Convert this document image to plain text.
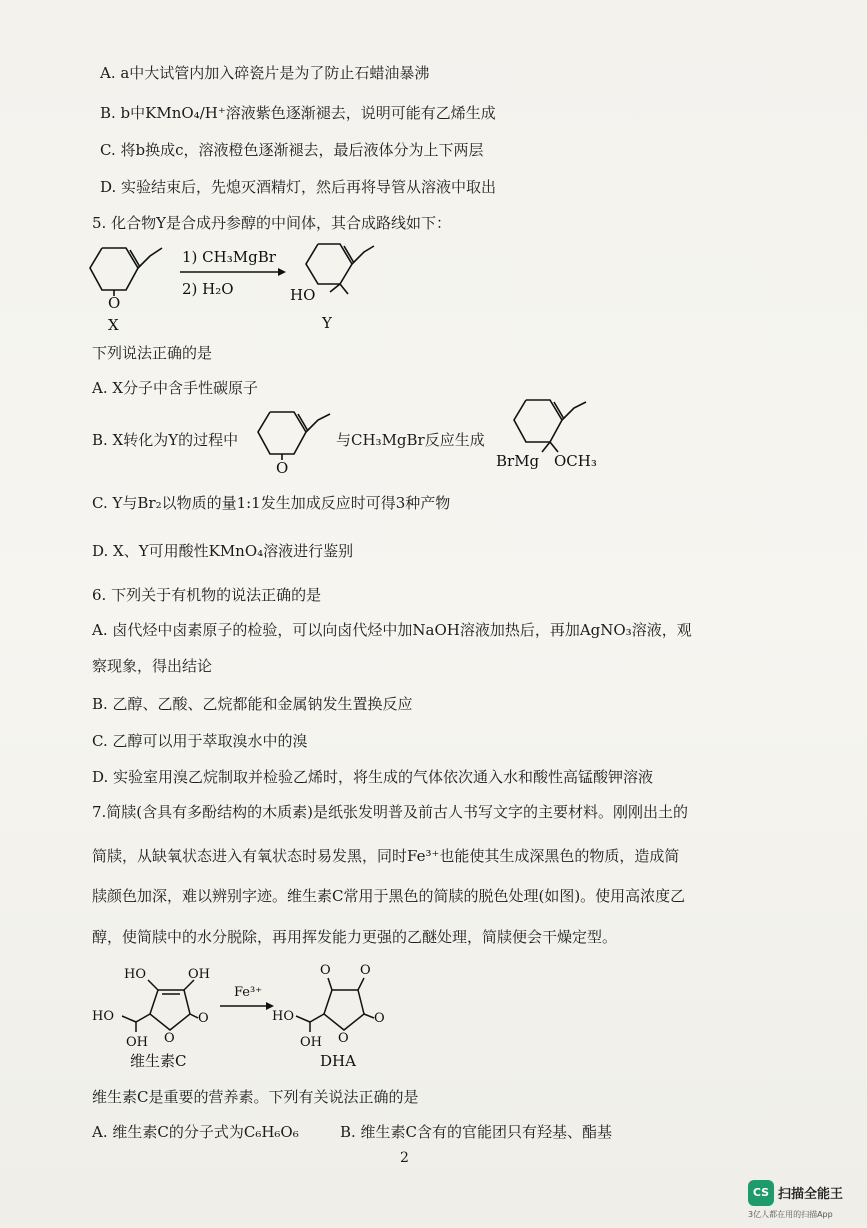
A. a中大试管内加入碎瓷片是为了防止石蜡油暴沸
B. b中KMnO₄/H⁺溶液紫色逐渐褪去，说明可能有乙烯生成
C. 将b换成c，溶液橙色逐渐褪去，最后液体分为上下两层
D. 实验结束后，先熄灭酒精灯，然后再将导管从溶液中取出
5. 化合物Y是合成丹参醇的中间体，其合成路线如下：
O
X
1) CH₃MgBr
2) H₂O	HO
Y
下列说法正确的是
A. X分子中含手性碳原子
B. X转化为Y的过程中
O
与CH₃MgBr反应生成
BrMg OCH₃
C. Y与Br₂以物质的量1:1发生加成反应时可得3种产物
D. X、Y可用酸性KMnO₄溶液进行鉴别
6. 下列关于有机物的说法正确的是
A. 卤代烃中卤素原子的检验，可以向卤代烃中加NaOH溶液加热后，再加AgNO₃溶液，观
察现象，得出结论
B. 乙醇、乙酸、乙烷都能和金属钠发生置换反应
C. 乙醇可以用于萃取溴水中的溴
D. 实验室用溴乙烷制取并检验乙烯时，将生成的气体依次通入水和酸性高锰酸钾溶液
7.简牍(含具有多酚结构的木质素)是纸张发明普及前古人书写文字的主要材料。刚刚出土的
简牍，从缺氧状态进入有氧状态时易发黑，同时Fe³⁺也能使其生成深黑色的物质，造成简
牍颜色加深，难以辨别字迹。维生素C常用于黑色的简牍的脱色处理(如图)。使用高浓度乙
醇，使简牍中的水分脱除，再用挥发能力更强的乙醚处理，简牍便会干燥定型。
HO	OH
HO
OH O
O
维生素C
Fe³⁺
O O
HO
OH O
O
DHA
维生素C是重要的营养素。下列有关说法正确的是
A. 维生素C的分子式为C₆H₆O₆	B. 维生素C含有的官能团只有羟基、酯基
2
CS 扫描全能王
3亿人都在用的扫描App
